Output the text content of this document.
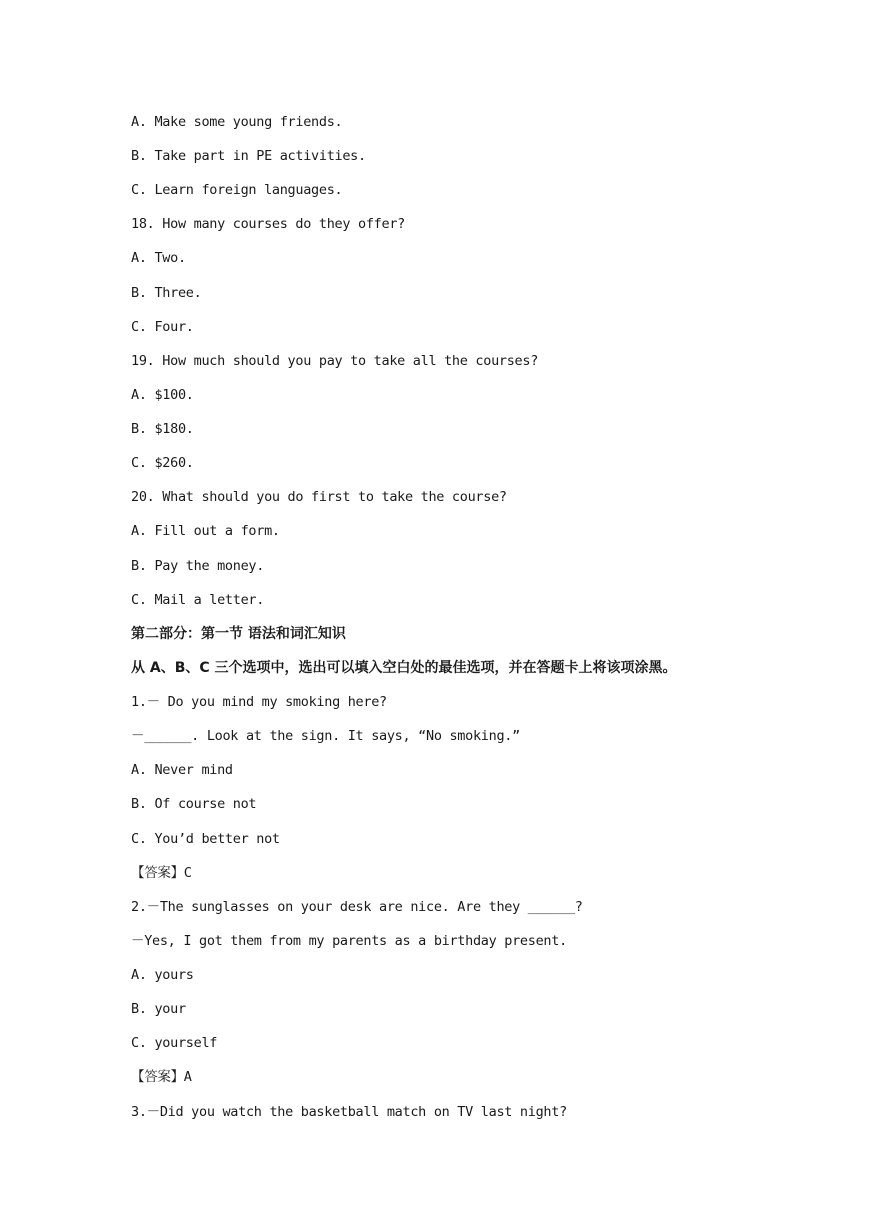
A. Make some young friends.
B. Take part in PE activities.
C. Learn foreign languages.
18. How many courses do they offer?
A. Two.
B. Three.
C. Four.
19. How much should you pay to take all the courses?
A. $100.
B. $180.
C. $260.
20. What should you do first to take the course?
A. Fill out a form.
B. Pay the money.
C. Mail a letter.
第二部分：第一节 语法和词汇知识
从 A、B、C 三个选项中，选出可以填入空白处的最佳选项，并在答题卡上将该项涂黑。
1.－ Do you mind my smoking here?
－______. Look at the sign. It says, “No smoking.”
A. Never mind
B. Of course not
C. You’d better not
【答案】C
2.－The sunglasses on your desk are nice. Are they ______?
－Yes, I got them from my parents as a birthday present.
A. yours
B. your
C. yourself
【答案】A
3.－Did you watch the basketball match on TV last night?
